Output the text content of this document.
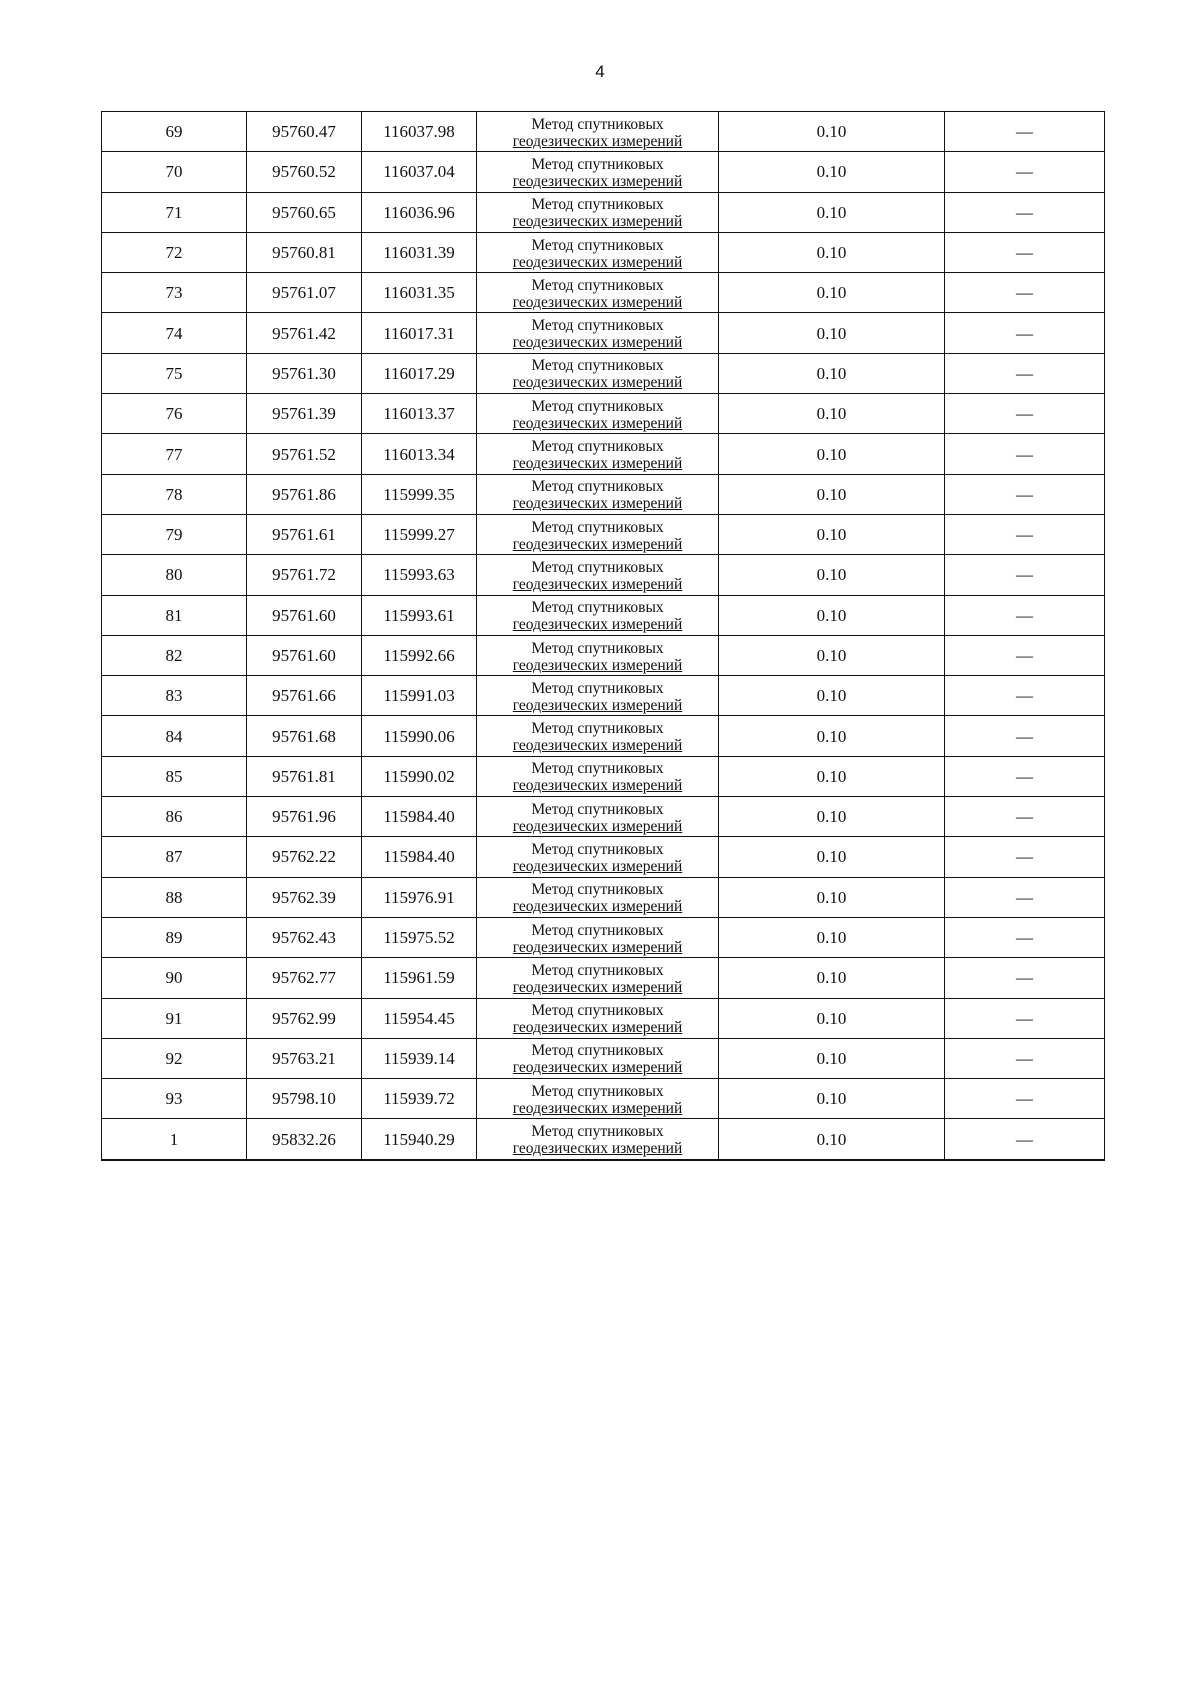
4
69	95760.47	116037.98	Метод спутниковых
геодезических измерений	0.10	—
70	95760.52	116037.04	Метод спутниковых
геодезических измерений	0.10	—
71	95760.65	116036.96	Метод спутниковых
геодезических измерений	0.10	—
72	95760.81	116031.39	Метод спутниковых
геодезических измерений	0.10	—
73	95761.07	116031.35	Метод спутниковых
геодезических измерений	0.10	—
74	95761.42	116017.31	Метод спутниковых
геодезических измерений	0.10	—
75	95761.30	116017.29	Метод спутниковых
геодезических измерений	0.10	—
76	95761.39	116013.37	Метод спутниковых
геодезических измерений	0.10	—
77	95761.52	116013.34	Метод спутниковых
геодезических измерений	0.10	—
78	95761.86	115999.35	Метод спутниковых
геодезических измерений	0.10	—
79	95761.61	115999.27	Метод спутниковых
геодезических измерений	0.10	—
80	95761.72	115993.63	Метод спутниковых
геодезических измерений	0.10	—
81	95761.60	115993.61	Метод спутниковых
геодезических измерений	0.10	—
82	95761.60	115992.66	Метод спутниковых
геодезических измерений	0.10	—
83	95761.66	115991.03	Метод спутниковых
геодезических измерений	0.10	—
84	95761.68	115990.06	Метод спутниковых
геодезических измерений	0.10	—
85	95761.81	115990.02	Метод спутниковых
геодезических измерений	0.10	—
86	95761.96	115984.40	Метод спутниковых
геодезических измерений	0.10	—
87	95762.22	115984.40	Метод спутниковых
геодезических измерений	0.10	—
88	95762.39	115976.91	Метод спутниковых
геодезических измерений	0.10	—
89	95762.43	115975.52	Метод спутниковых
геодезических измерений	0.10	—
90	95762.77	115961.59	Метод спутниковых
геодезических измерений	0.10	—
91	95762.99	115954.45	Метод спутниковых
геодезических измерений	0.10	—
92	95763.21	115939.14	Метод спутниковых
геодезических измерений	0.10	—
93	95798.10	115939.72	Метод спутниковых
геодезических измерений	0.10	—
1	95832.26	115940.29	Метод спутниковых
геодезических измерений	0.10	—
